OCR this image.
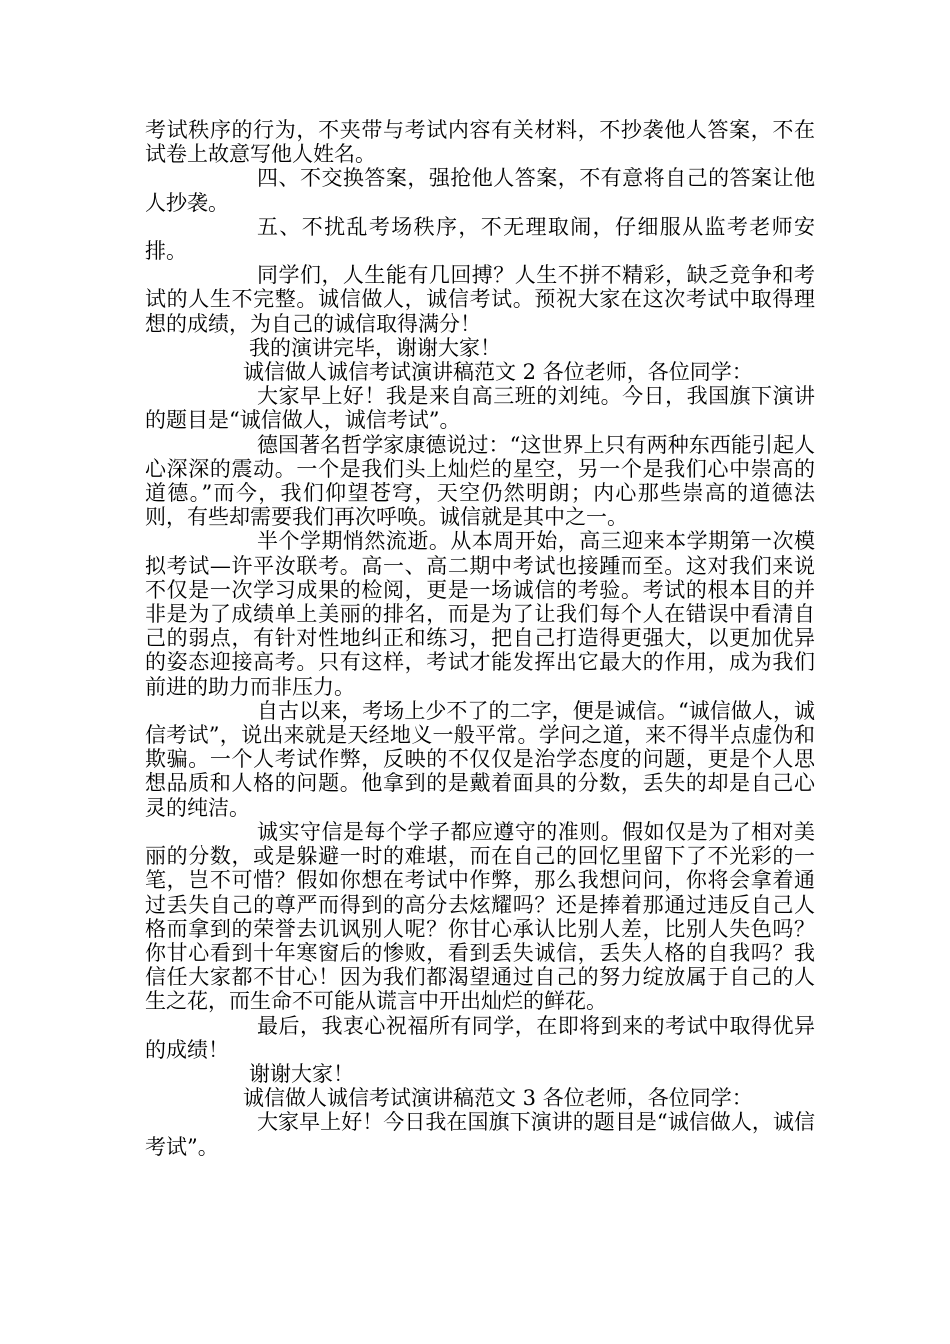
考试秩序的行为，不夹带与考试内容有关材料，不抄袭他人答案，不在试卷上故意写他人姓名。

四、不交换答案，强抢他人答案，不有意将自己的答案让他人抄袭。

五、不扰乱考场秩序，不无理取闹，仔细服从监考老师安排。

同学们，人生能有几回搏？人生不拼不精彩，缺乏竞争和考试的人生不完整。诚信做人，诚信考试。预祝大家在这次考试中取得理想的成绩，为自己的诚信取得满分！

我的演讲完毕，谢谢大家！

诚信做人诚信考试演讲稿范文 2 各位老师，各位同学：

大家早上好！我是来自高三班的刘纯。今日，我国旗下演讲的题目是“诚信做人，诚信考试”。

德国著名哲学家康德说过：“这世界上只有两种东西能引起人心深深的震动。一个是我们头上灿烂的星空，另一个是我们心中崇高的道德。”而今，我们仰望苍穹，天空仍然明朗；内心那些崇高的道德法则，有些却需要我们再次呼唤。诚信就是其中之一。

半个学期悄然流逝。从本周开始，高三迎来本学期第一次模拟考试—许平汝联考。高一、高二期中考试也接踵而至。这对我们来说不仅是一次学习成果的检阅，更是一场诚信的考验。考试的根本目的并非是为了成绩单上美丽的排名，而是为了让我们每个人在错误中看清自己的弱点，有针对性地纠正和练习，把自己打造得更强大，以更加优异的姿态迎接高考。只有这样，考试才能发挥出它最大的作用，成为我们前进的助力而非压力。

自古以来，考场上少不了的二字，便是诚信。“诚信做人，诚信考试”，说出来就是天经地义一般平常。学问之道，来不得半点虚伪和欺骗。一个人考试作弊，反映的不仅仅是治学态度的问题，更是个人思想品质和人格的问题。他拿到的是戴着面具的分数，丢失的却是自己心灵的纯洁。

诚实守信是每个学子都应遵守的准则。假如仅是为了相对美丽的分数，或是躲避一时的难堪，而在自己的回忆里留下了不光彩的一笔，岂不可惜？假如你想在考试中作弊，那么我想问问，你将会拿着通过丢失自己的尊严而得到的高分去炫耀吗？还是捧着那通过违反自己人格而拿到的荣誉去讥讽别人呢？你甘心承认比别人差，比别人失色吗？你甘心看到十年寒窗后的惨败，看到丢失诚信，丢失人格的自我吗？我信任大家都不甘心！因为我们都渴望通过自己的努力绽放属于自己的人生之花，而生命不可能从谎言中开出灿烂的鲜花。

最后，我衷心祝福所有同学，在即将到来的考试中取得优异的成绩！

谢谢大家！

诚信做人诚信考试演讲稿范文 3 各位老师，各位同学：

大家早上好！今日我在国旗下演讲的题目是“诚信做人，诚信考试”。
